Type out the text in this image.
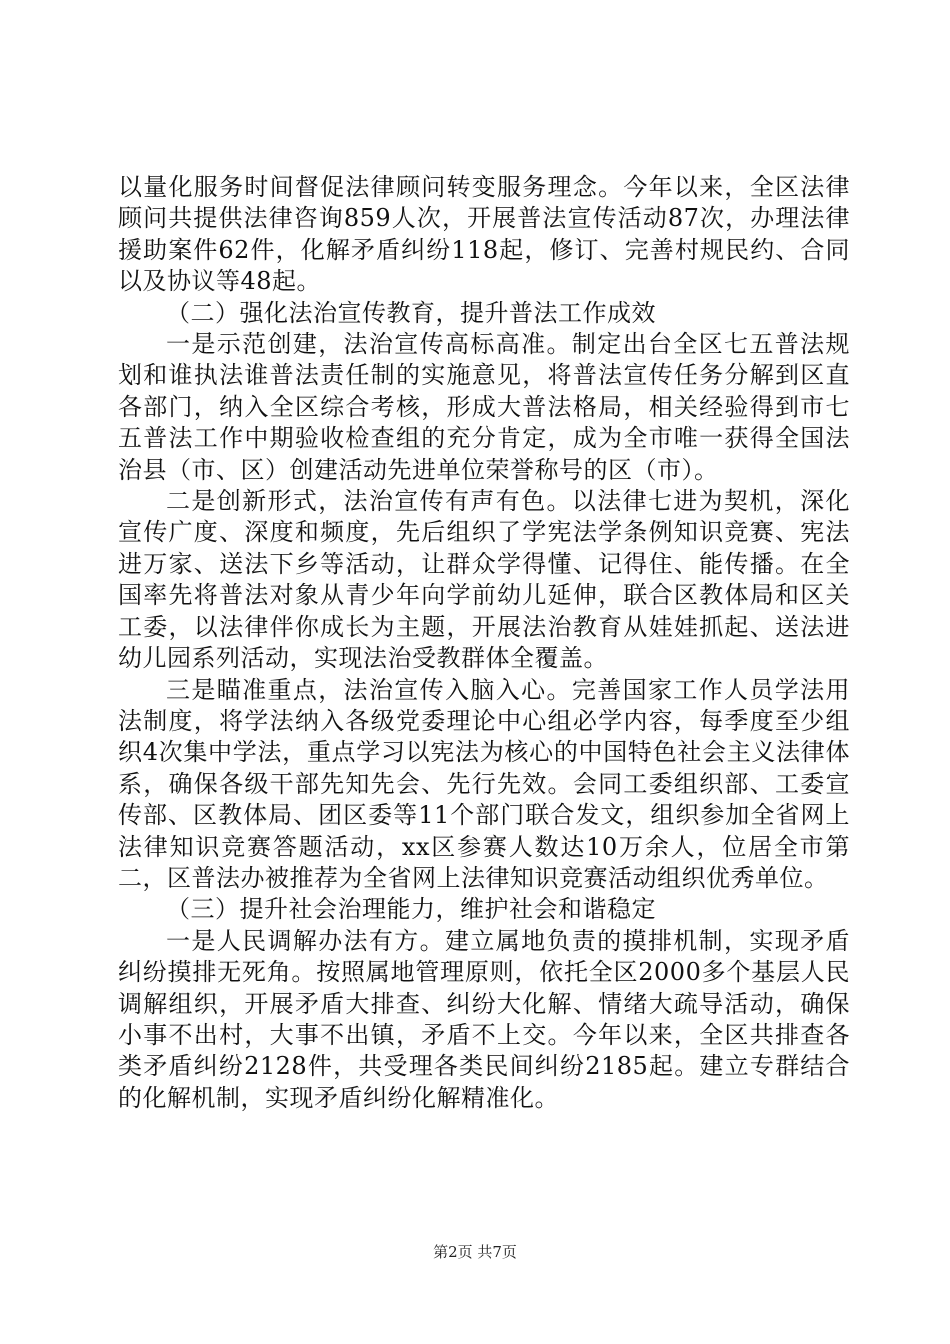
以量化服务时间督促法律顾问转变服务理念。今年以来，全区法律顾问共提供法律咨询859人次，开展普法宣传活动87次，办理法律援助案件62件，化解矛盾纠纷118起，修订、完善村规民约、合同以及协议等48起。

（二）强化法治宣传教育，提升普法工作成效

一是示范创建，法治宣传高标高准。制定出台全区七五普法规划和谁执法谁普法责任制的实施意见，将普法宣传任务分解到区直各部门，纳入全区综合考核，形成大普法格局，相关经验得到市七五普法工作中期验收检查组的充分肯定，成为全市唯一获得全国法治县（市、区）创建活动先进单位荣誉称号的区（市）。

二是创新形式，法治宣传有声有色。以法律七进为契机，深化宣传广度、深度和频度，先后组织了学宪法学条例知识竞赛、宪法进万家、送法下乡等活动，让群众学得懂、记得住、能传播。在全国率先将普法对象从青少年向学前幼儿延伸，联合区教体局和区关工委，以法律伴你成长为主题，开展法治教育从娃娃抓起、送法进幼儿园系列活动，实现法治受教群体全覆盖。

三是瞄准重点，法治宣传入脑入心。完善国家工作人员学法用法制度，将学法纳入各级党委理论中心组必学内容，每季度至少组织4次集中学法，重点学习以宪法为核心的中国特色社会主义法律体系，确保各级干部先知先会、先行先效。会同工委组织部、工委宣传部、区教体局、团区委等11个部门联合发文，组织参加全省网上法律知识竞赛答题活动，xx区参赛人数达10万余人，位居全市第二，区普法办被推荐为全省网上法律知识竞赛活动组织优秀单位。

（三）提升社会治理能力，维护社会和谐稳定

一是人民调解办法有方。建立属地负责的摸排机制，实现矛盾纠纷摸排无死角。按照属地管理原则，依托全区2000多个基层人民调解组织，开展矛盾大排查、纠纷大化解、情绪大疏导活动，确保小事不出村，大事不出镇，矛盾不上交。今年以来，全区共排查各类矛盾纠纷2128件，共受理各类民间纠纷2185起。建立专群结合的化解机制，实现矛盾纠纷化解精准化。

第2页 共7页
